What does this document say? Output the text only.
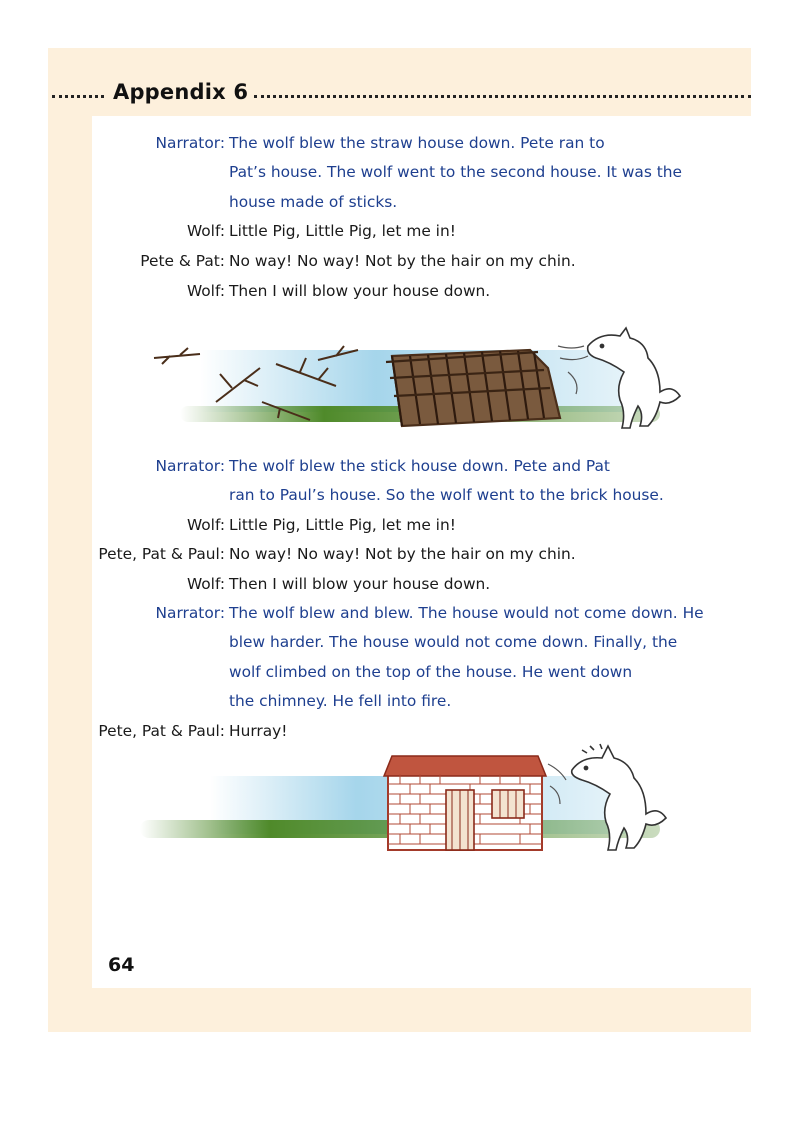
Appendix 6
Narrator: The wolf blew the straw house down. Pete ran to
Pat’s house. The wolf went to the second house. It was the
house made of sticks.
Wolf: Little Pig, Little Pig, let me in!
Pete & Pat: No way! No way! Not by the hair on my chin.
Wolf: Then I will blow your house down.
Narrator: The wolf blew the stick house down. Pete and Pat
ran to Paul’s house. So the wolf went to the brick house.
Wolf: Little Pig, Little Pig, let me in!
Pete, Pat & Paul: No way! No way! Not by the hair on my chin.
Wolf: Then I will blow your house down.
Narrator: The wolf blew and blew. The house would not come down. He
blew harder. The house would not come down. Finally, the
wolf climbed on the top of the house. He went down
the chimney. He fell into fire.
Pete, Pat & Paul: Hurray!
64
